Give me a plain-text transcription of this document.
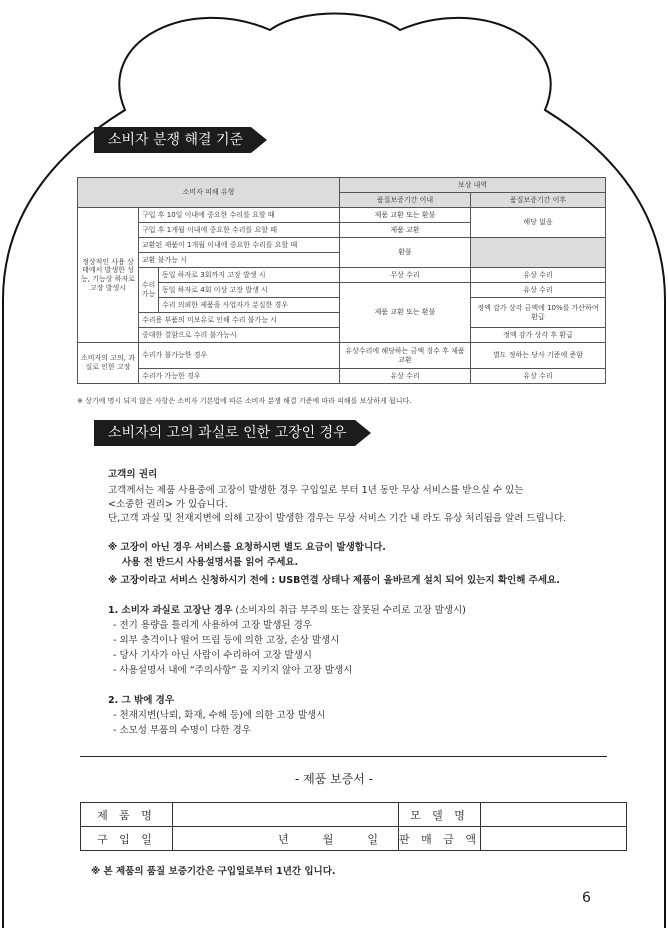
소비자 분쟁 해결 기준
소비자 피해 유형			보상 내역	
			품질보증기간 이내	품질보증기간 이후
정상적인 사용 상태에서 발생한 성능, 기능상 하자로 고장 발생시	구입 후 10일 이내에 중요한 수리를 요할 때		제품 교환 또는 환불	해당 없음
	구입 후 1개월 이내에 중요한 수리를 요할 때		제품 교환	
	교환된 제품이 1개월 이내에 중요한 수리를 요할 때		환불	
	교환 불가능 시			
	수리 가능	동일 하자로 3회까지 고장 발생 시	무상 수리	유상 수리
		동일 하자로 4회 이상 고장 발생 시	제품 교환 또는 환불	유상 수리
		수리 의뢰한 제품을 사업자가 분실한 경우		정액 감가 상각 금액에 10%를 가산하여 환급
	수리용 부품의 미보유로 인해 수리 불가능 시			
	중대한 결함으로 수리 불가능시			정액 감가 상각 후 환급
소비자의 고의, 과실로 인한 고장	수리가 불가능한 경우		유상수리에 해당하는 금액 징수 후 제품 교환	별도 정하는 당사 기준에 준함
	수리가 가능한 경우		유상 수리	유상 수리
※ 상기에 명시 되지 않은 사항은 소비자 기본법에 따른 소비자 분쟁 해결 기준에 따라 피해를 보상하게 됩니다.
소비자의 고의 과실로 인한 고장인 경우
고객의 권리
고객께서는 제품 사용중에 고장이 발생한 경우 구입일로 부터 1년 동안 무상 서비스를 받으실 수 있는
<소중한 권리> 가 있습니다.
단,고객 과실 및 천재지변에 의해 고장이 발생한 경우는 무상 서비스 기간 내 라도 유상 처리됨을 알려 드립니다.
※ 고장이 아닌 경우 서비스를 요청하시면 별도 요금이 발생합니다.
사용 전 반드시 사용설명서를 읽어 주세요.
※ 고장이라고 서비스 신청하시기 전에 : USB연결 상태나 제품이 올바르게 설치 되어 있는지 확인해 주세요.
1. 소비자 과실로 고장난 경우 (소비자의 취급 부주의 또는 잘못된 수리로 고장 발생시)
- 전기 용량을 틀리게 사용하여 고장 발생된 경우
- 외부 충격이나 떨어 뜨림 등에 의한 고장, 손상 발생시
- 당사 기사가 아닌 사람이 수리하여 고장 발생시
- 사용설명서 내에 “주의사항” 을 지키지 않아 고장 발생시
2. 그 밖에 경우
- 천재지변(낙뢰, 화재, 수해 등)에 의한 고장 발생시
- 소모성 부품의 수명이 다한 경우
- 제품 보증서 -
제 품 명		모 델 명	
구 입 일	년 월 일	판 매 금 액	
※ 본 제품의 품질 보증기간은 구입일로부터 1년간 입니다.
6
